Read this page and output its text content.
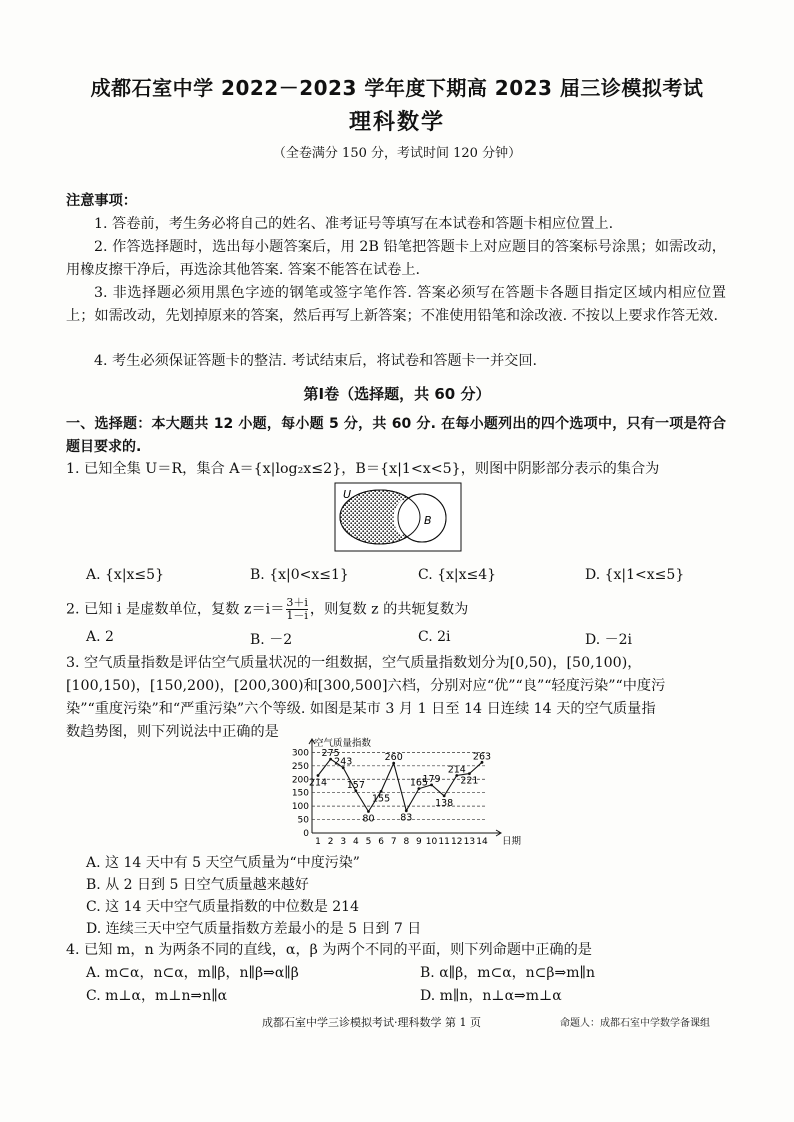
成都石室中学 2022－2023 学年度下期高 2023 届三诊模拟考试
理科数学
（全卷满分 150 分，考试时间 120 分钟）
注意事项：
1. 答卷前，考生务必将自己的姓名、准考证号等填写在本试卷和答题卡相应位置上.
2. 作答选择题时，选出每小题答案后，用 2B 铅笔把答题卡上对应题目的答案标号涂黑；如需改动，用橡皮擦干净后，再选涂其他答案. 答案不能答在试卷上.
3. 非选择题必须用黑色字迹的钢笔或签字笔作答. 答案必须写在答题卡各题目指定区域内相应位置上；如需改动，先划掉原来的答案，然后再写上新答案；不准使用铅笔和涂改液. 不按以上要求作答无效.
4. 考生必须保证答题卡的整洁. 考试结束后，将试卷和答题卡一并交回.
第Ⅰ卷（选择题，共 60 分）
一、选择题：本大题共 12 小题，每小题 5 分，共 60 分. 在每小题列出的四个选项中，只有一项是符合题目要求的.
1. 已知全集 U＝R，集合 A＝{x|log₂x≤2}，B＝{x|1<x<5}，则图中阴影部分表示的集合为
U
B
A. {x|x≤5}	B. {x|0<x≤1}	C. {x|x≤4}	D. {x|1<x≤5}
2. 已知 i 是虚数单位，复数 $z=i= \frac{3+i}{1-i}$ ，则复数 z 的共轭复数为
A. 2	B. －2	C. 2i	D. －2i
3. 空气质量指数是评估空气质量状况的一组数据，空气质量指数划分为[0,50)，[50,100)，
[100,150)，[150,200)，[200,300)和[300,500]六档，分别对应“优”“良”“轻度污染”“中度污
染”“重度污染”和“严重污染”六个等级. 如图是某市 3 月 1 日至 14 日连续 14 天的空气质量指
数趋势图，则下列说法中正确的是
0
50
100
150
200
250
300
1 2 3 4 5 6 7 8 9 10 11 12 13 14
空气质量指数
日期
214
275
243
157
80
155
260
83
165
179
138
214
221
263
A. 这 14 天中有 5 天空气质量为“中度污染”
B. 从 2 日到 5 日空气质量越来越好
C. 这 14 天中空气质量指数的中位数是 214
D. 连续三天中空气质量指数方差最小的是 5 日到 7 日
4. 已知 m，n 为两条不同的直线，α，β 为两个不同的平面，则下列命题中正确的是
A. m⊂α，n⊂α，m∥β，n∥β⇒α∥β	B. α∥β，m⊂α，n⊂β⇒m∥n
C. m⊥α，m⊥n⇒n∥α	D. m∥n，n⊥α⇒m⊥α
成都石室中学三诊模拟考试·理科数学 第 1 页	命题人：成都石室中学数学备课组
